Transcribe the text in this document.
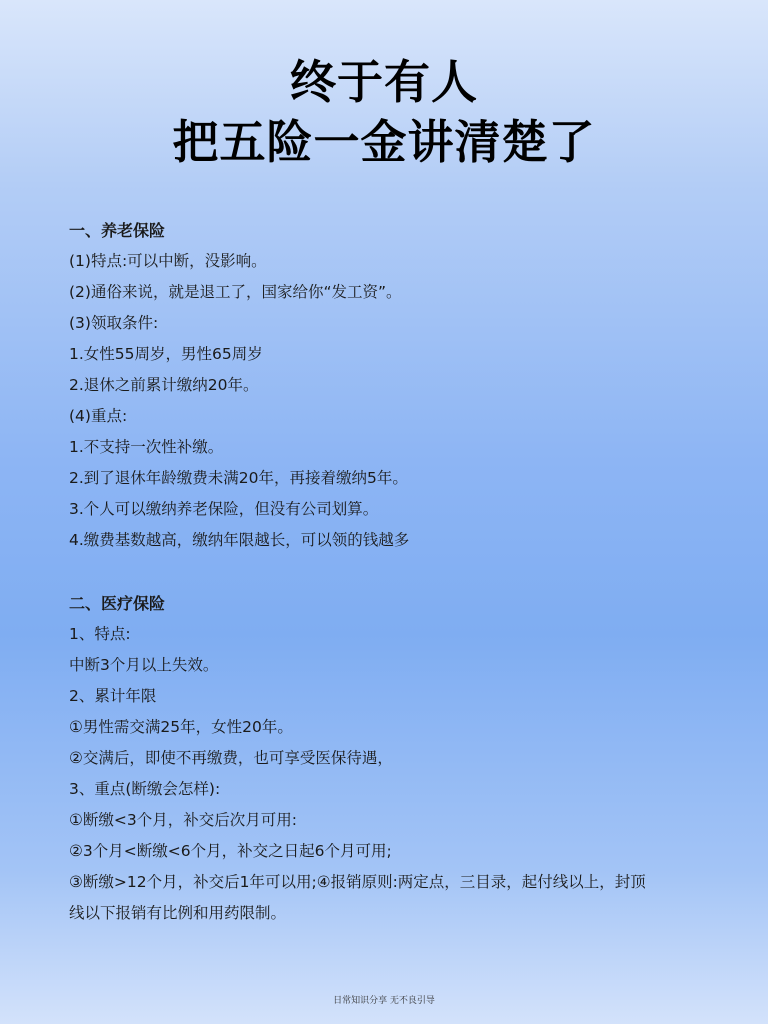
终于有人
把五险一金讲清楚了
一、养老保险
(1)特点:可以中断，没影响。
(2)通俗来说，就是退工了，国家给你“发工资”。
(3)领取条件:
1.女性55周岁，男性65周岁
2.退休之前累计缴纳20年。
(4)重点:
1.不支持一次性补缴。
2.到了退休年龄缴费未满20年，再接着缴纳5年。
3.个人可以缴纳养老保险，但没有公司划算。
4.缴费基数越高，缴纳年限越长，可以领的钱越多
二、医疗保险
1、特点:
中断3个月以上失效。
2、累计年限
①男性需交满25年，女性20年。
②交满后，即使不再缴费，也可享受医保待遇，
3、重点(断缴会怎样):
①断缴<3个月，补交后次月可用:
②3个月<断缴<6个月，补交之日起6个月可用;
③断缴>12个月，补交后1年可以用;④报销原则:两定点，三目录，起付线以上，封顶
线以下报销有比例和用药限制。
日常知识分享 无不良引导
